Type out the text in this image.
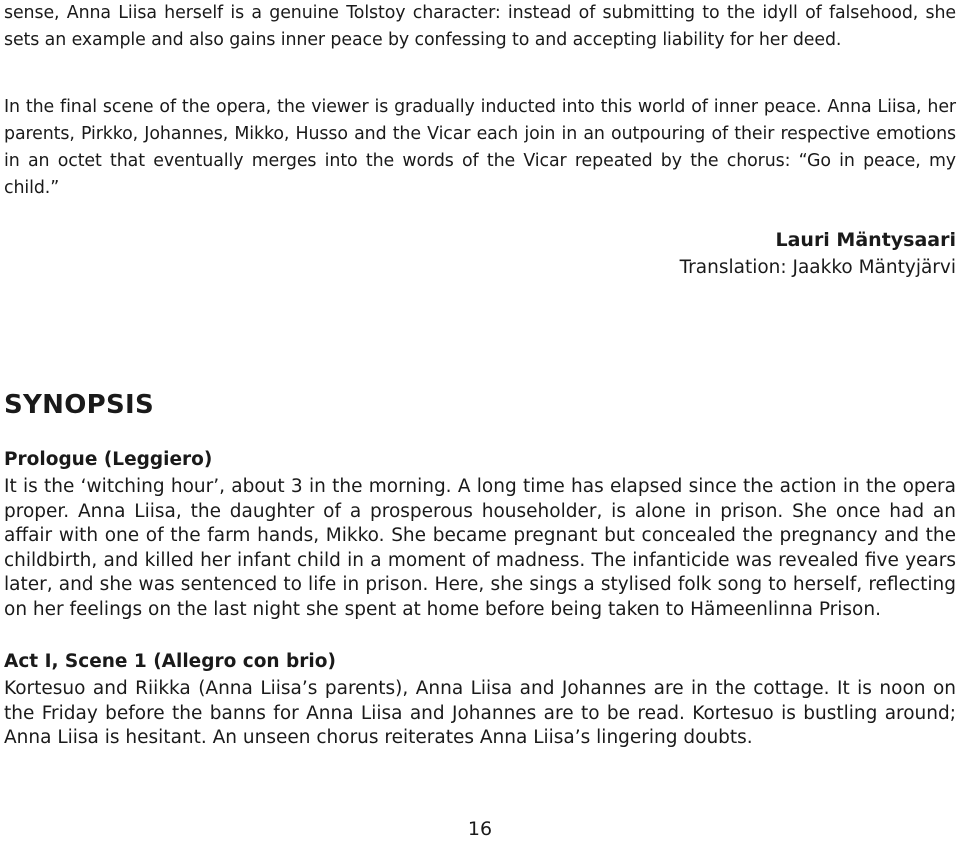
sense, Anna Liisa herself is a genuine Tolstoy character: instead of submitting to the idyll of falsehood, she sets an example and also gains inner peace by confessing to and accepting liability for her deed.

In the final scene of the opera, the viewer is gradually inducted into this world of inner peace. Anna Liisa, her parents, Pirkko, Johannes, Mikko, Husso and the Vicar each join in an outpouring of their respective emotions in an octet that eventually merges into the words of the Vicar repeated by the chorus: “Go in peace, my child.”

Lauri Mäntysaari
Translation: Jaakko Mäntyjärvi
SYNOPSIS
Prologue (Leggiero)

It is the ‘witching hour’, about 3 in the morning. A long time has elapsed since the action in the opera proper. Anna Liisa, the daughter of a prosperous householder, is alone in prison. She once had an affair with one of the farm hands, Mikko. She became pregnant but concealed the pregnancy and the childbirth, and killed her infant child in a moment of madness. The infanticide was revealed five years later, and she was sentenced to life in prison. Here, she sings a stylised folk song to herself, reflecting on her feelings on the last night she spent at home before being taken to Hämeenlinna Prison.

Act I, Scene 1 (Allegro con brio)

Kortesuo and Riikka (Anna Liisa’s parents), Anna Liisa and Johannes are in the cottage. It is noon on the Friday before the banns for Anna Liisa and Johannes are to be read. Kortesuo is bustling around; Anna Liisa is hesitant. An unseen chorus reiterates Anna Liisa’s lingering doubts.

16
